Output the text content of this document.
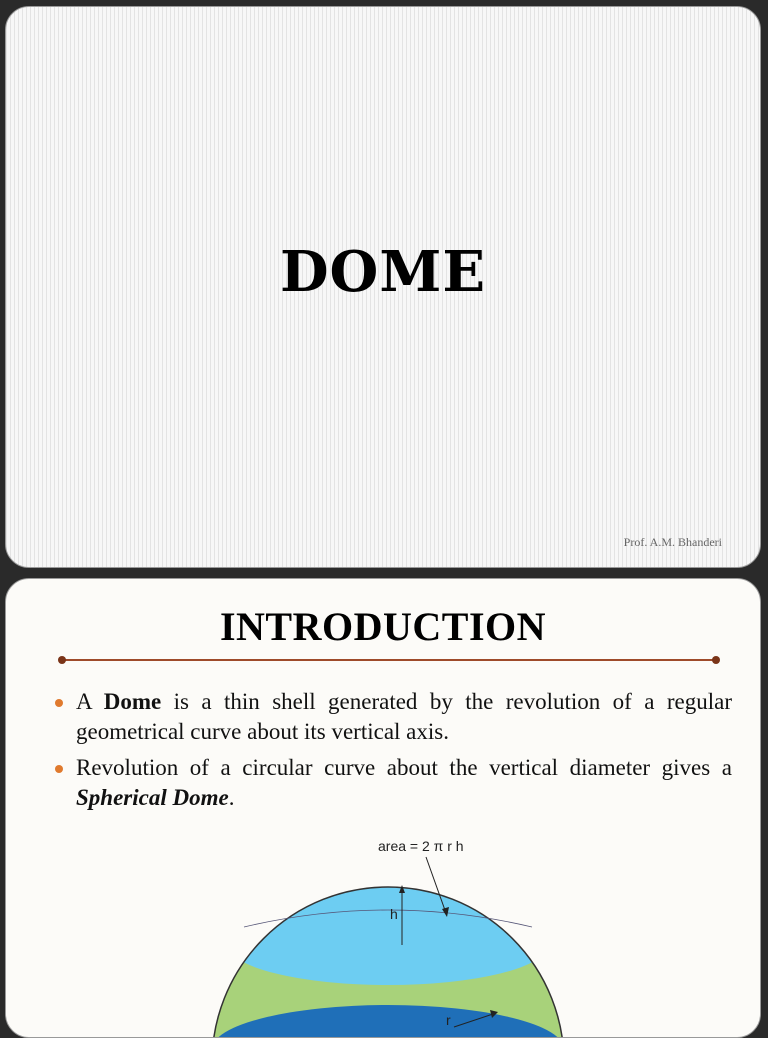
DOME
Prof. A.M. Bhanderi
INTRODUCTION
A Dome is a thin shell generated by the revolution of a regular geometrical curve about its vertical axis.
Revolution of a circular curve about the vertical diameter gives a Spherical Dome.
h
area = 2 π r h
r
